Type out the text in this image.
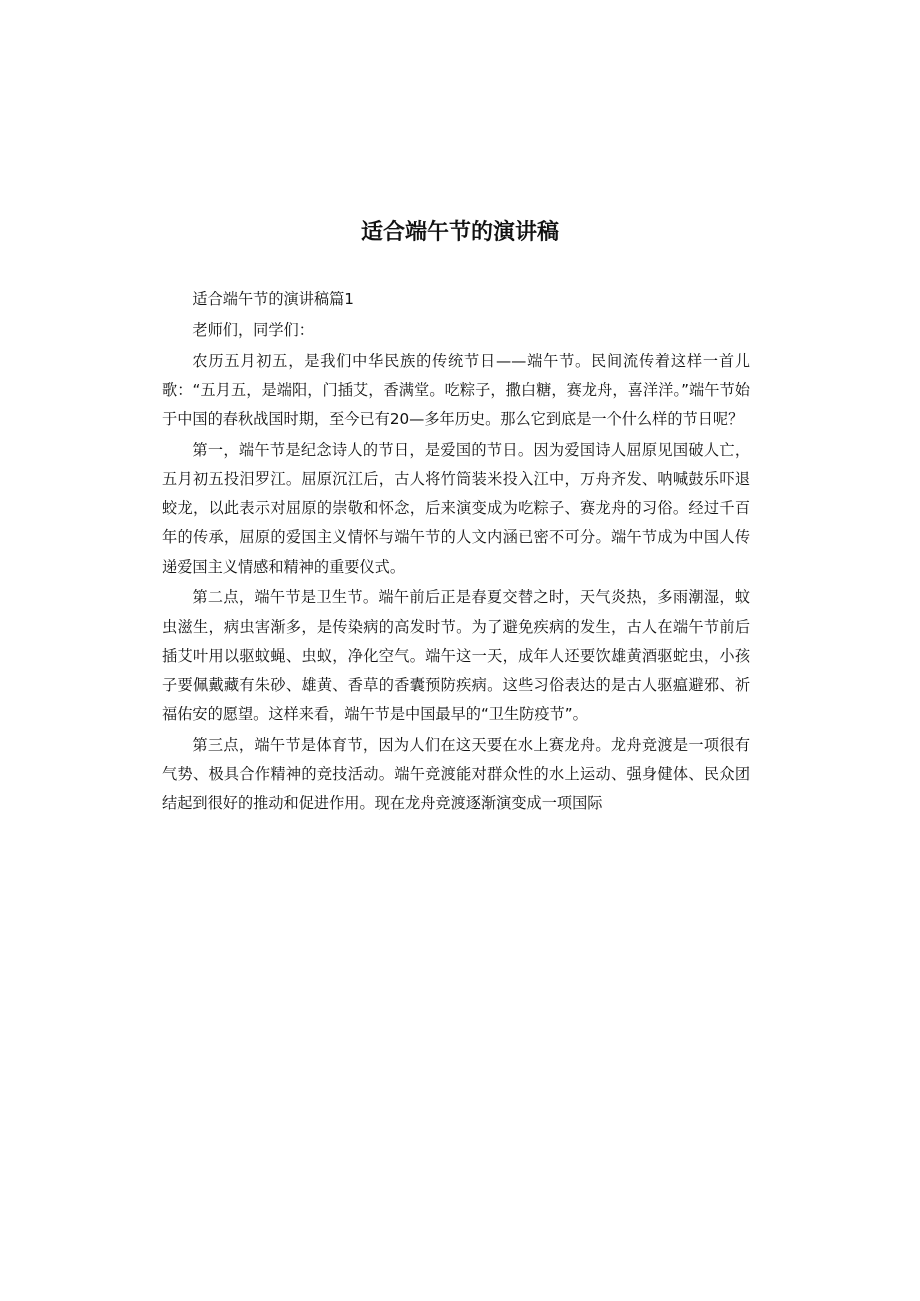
适合端午节的演讲稿

适合端午节的演讲稿篇1

老师们，同学们：

农历五月初五，是我们中华民族的传统节日——端午节。民间流传着这样一首儿歌：“五月五，是端阳，门插艾，香满堂。吃粽子，撒白糖，赛龙舟，喜洋洋。”端午节始于中国的春秋战国时期，至今已有20—多年历史。那么它到底是一个什么样的节日呢？

第一，端午节是纪念诗人的节日，是爱国的节日。因为爱国诗人屈原见国破人亡，五月初五投汨罗江。屈原沉江后，古人将竹筒装米投入江中，万舟齐发、呐喊鼓乐吓退蛟龙，以此表示对屈原的崇敬和怀念，后来演变成为吃粽子、赛龙舟的习俗。经过千百年的传承，屈原的爱国主义情怀与端午节的人文内涵已密不可分。端午节成为中国人传递爱国主义情感和精神的重要仪式。

第二点，端午节是卫生节。端午前后正是春夏交替之时，天气炎热，多雨潮湿，蚊虫滋生，病虫害渐多，是传染病的高发时节。为了避免疾病的发生，古人在端午节前后插艾叶用以驱蚊蝇、虫蚁，净化空气。端午这一天，成年人还要饮雄黄酒驱蛇虫，小孩子要佩戴藏有朱砂、雄黄、香草的香囊预防疾病。这些习俗表达的是古人驱瘟避邪、祈福佑安的愿望。这样来看，端午节是中国最早的“卫生防疫节”。

第三点，端午节是体育节，因为人们在这天要在水上赛龙舟。龙舟竞渡是一项很有气势、极具合作精神的竞技活动。端午竞渡能对群众性的水上运动、强身健体、民众团结起到很好的推动和促进作用。现在龙舟竞渡逐渐演变成一项国际
